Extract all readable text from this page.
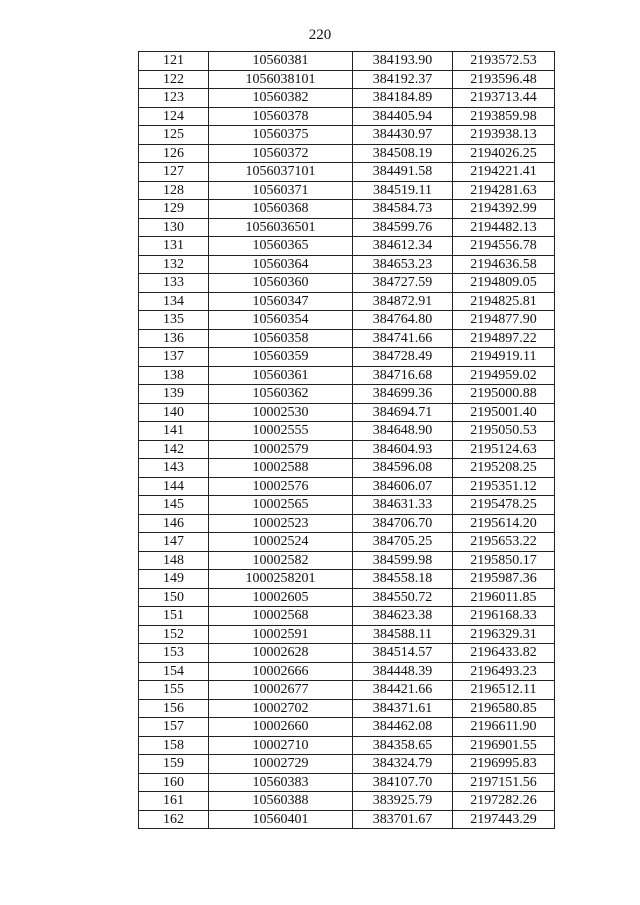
220
121	10560381	384193.90	2193572.53
122	1056038101	384192.37	2193596.48
123	10560382	384184.89	2193713.44
124	10560378	384405.94	2193859.98
125	10560375	384430.97	2193938.13
126	10560372	384508.19	2194026.25
127	1056037101	384491.58	2194221.41
128	10560371	384519.11	2194281.63
129	10560368	384584.73	2194392.99
130	1056036501	384599.76	2194482.13
131	10560365	384612.34	2194556.78
132	10560364	384653.23	2194636.58
133	10560360	384727.59	2194809.05
134	10560347	384872.91	2194825.81
135	10560354	384764.80	2194877.90
136	10560358	384741.66	2194897.22
137	10560359	384728.49	2194919.11
138	10560361	384716.68	2194959.02
139	10560362	384699.36	2195000.88
140	10002530	384694.71	2195001.40
141	10002555	384648.90	2195050.53
142	10002579	384604.93	2195124.63
143	10002588	384596.08	2195208.25
144	10002576	384606.07	2195351.12
145	10002565	384631.33	2195478.25
146	10002523	384706.70	2195614.20
147	10002524	384705.25	2195653.22
148	10002582	384599.98	2195850.17
149	1000258201	384558.18	2195987.36
150	10002605	384550.72	2196011.85
151	10002568	384623.38	2196168.33
152	10002591	384588.11	2196329.31
153	10002628	384514.57	2196433.82
154	10002666	384448.39	2196493.23
155	10002677	384421.66	2196512.11
156	10002702	384371.61	2196580.85
157	10002660	384462.08	2196611.90
158	10002710	384358.65	2196901.55
159	10002729	384324.79	2196995.83
160	10560383	384107.70	2197151.56
161	10560388	383925.79	2197282.26
162	10560401	383701.67	2197443.29
